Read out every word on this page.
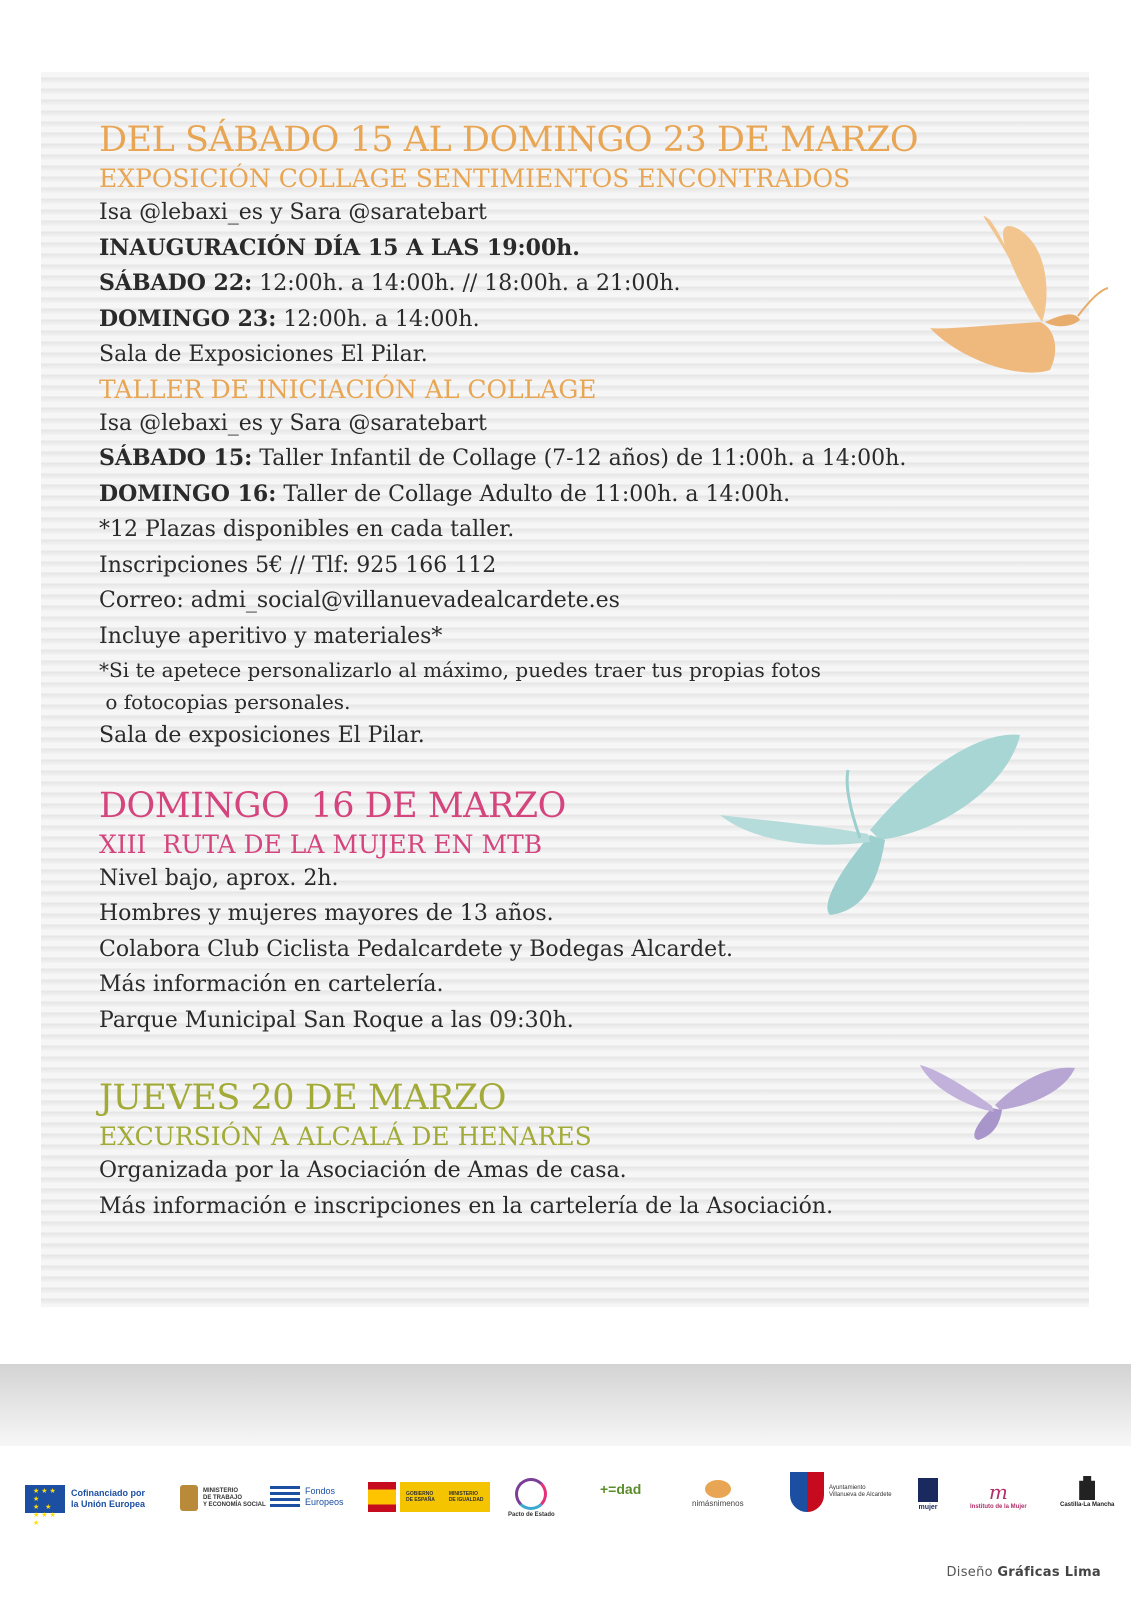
DEL SÁBADO 15 AL DOMINGO 23 DE MARZO
EXPOSICIÓN COLLAGE SENTIMIENTOS ENCONTRADOS
Isa @lebaxi_es y Sara @saratebart
INAUGURACIÓN DÍA 15 A LAS 19:00h.
SÁBADO 22: 12:00h. a 14:00h. // 18:00h. a 21:00h.
DOMINGO 23: 12:00h. a 14:00h.
Sala de Exposiciones El Pilar.
TALLER DE INICIACIÓN AL COLLAGE
Isa @lebaxi_es y Sara @saratebart
SÁBADO 15: Taller Infantil de Collage (7-12 años) de 11:00h. a 14:00h.
DOMINGO 16: Taller de Collage Adulto de 11:00h. a 14:00h.
*12 Plazas disponibles en cada taller.
Inscripciones 5€ // Tlf: 925 166 112
Correo: admi_social@villanuevadealcardete.es
Incluye aperitivo y materiales*
*Si te apetece personalizarlo al máximo, puedes traer tus propias fotos
o fotocopias personales.
Sala de exposiciones El Pilar.
DOMINGO  16 DE MARZO
XIII  RUTA DE LA MUJER EN MTB
Nivel bajo, aprox. 2h.
Hombres y mujeres mayores de 13 años.
Colabora Club Ciclista Pedalcardete y Bodegas Alcardet.
Más información en cartelería.
Parque Municipal San Roque a las 09:30h.
JUEVES 20 DE MARZO
EXCURSIÓN A ALCALÁ DE HENARES
Organizada por la Asociación de Amas de casa.
Más información e inscripciones en la cartelería de la Asociación.
★ ★ ★ ★
★   ★
★ ★ ★ ★
Cofinanciado por
la Unión Europea
MINISTERIO
DE TRABAJO
Y ECONOMÍA SOCIAL
Fondos
Europeos
GOBIERNO
DE ESPAÑA
MINISTERIO
DE IGUALDAD
Pacto de Estado
+=dad
nimásnimenos
Ayuntamiento
Villanueva de Alcardete
mujer
m
Instituto de la Mujer	Castilla-La Mancha
Diseño Gráficas Lima
